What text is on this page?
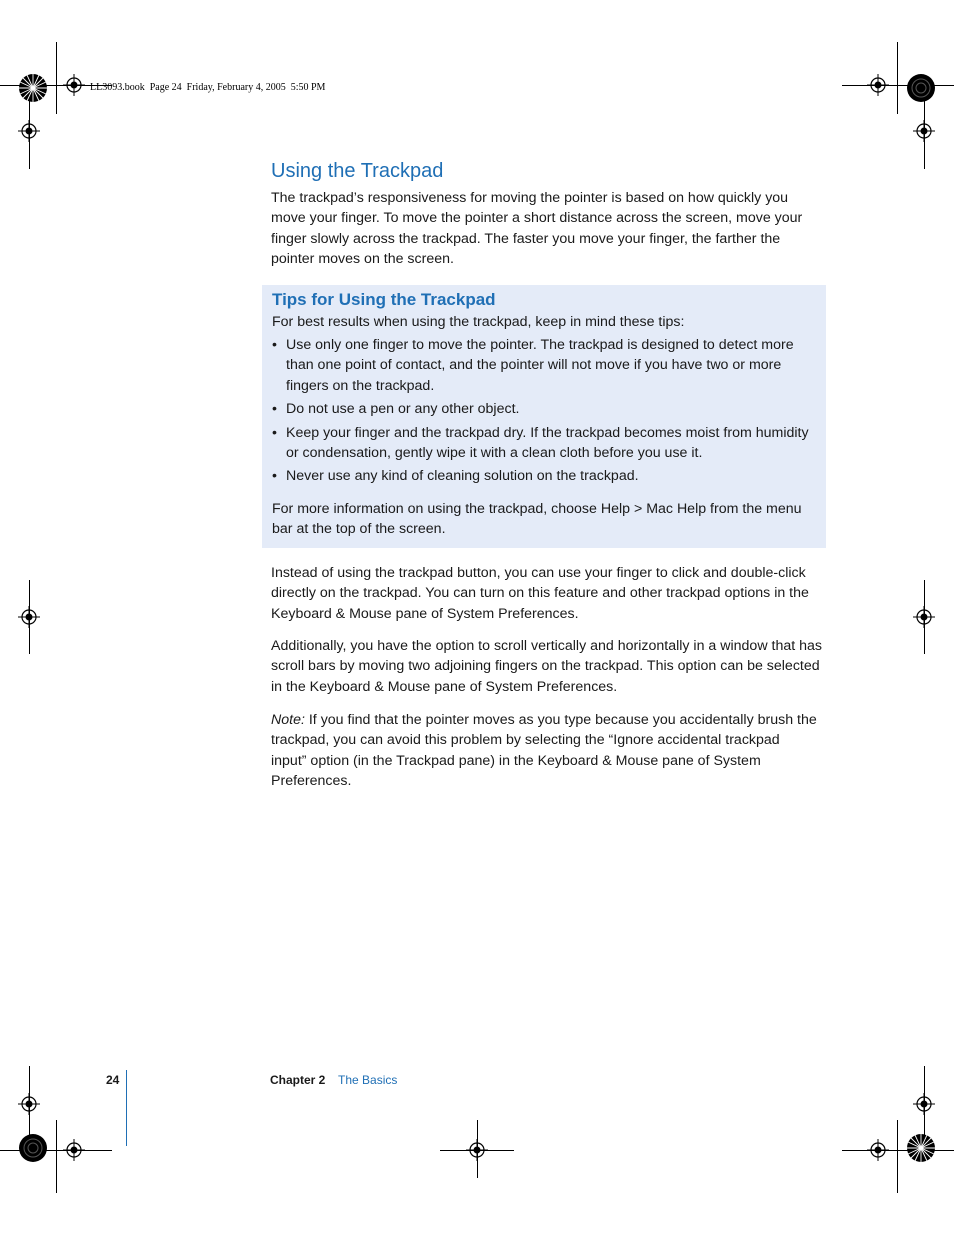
LL3093.book  Page 24  Friday, February 4, 2005  5:50 PM
Using the Trackpad

The trackpad’s responsiveness for moving the pointer is based on how quickly you move your finger. To move the pointer a short distance across the screen, move your finger slowly across the trackpad. The faster you move your finger, the farther the pointer moves on the screen.

Tips for Using the Trackpad

For best results when using the trackpad, keep in mind these tips:

• Use only one finger to move the pointer. The trackpad is designed to detect more than one point of contact, and the pointer will not move if you have two or more fingers on the trackpad.
• Do not use a pen or any other object.
• Keep your finger and the trackpad dry. If the trackpad becomes moist from humidity or condensation, gently wipe it with a clean cloth before you use it.
• Never use any kind of cleaning solution on the trackpad.

For more information on using the trackpad, choose Help > Mac Help from the menu bar at the top of the screen.

Instead of using the trackpad button, you can use your finger to click and double-click directly on the trackpad. You can turn on this feature and other trackpad options in the Keyboard & Mouse pane of System Preferences.

Additionally, you have the option to scroll vertically and horizontally in a window that has scroll bars by moving two adjoining fingers on the trackpad. This option can be selected in the Keyboard & Mouse pane of System Preferences.

Note: If you find that the pointer moves as you type because you accidentally brush the trackpad, you can avoid this problem by selecting the “Ignore accidental trackpad input” option (in the Trackpad pane) in the Keyboard & Mouse pane of System Preferences.

24	Chapter 2 The Basics
